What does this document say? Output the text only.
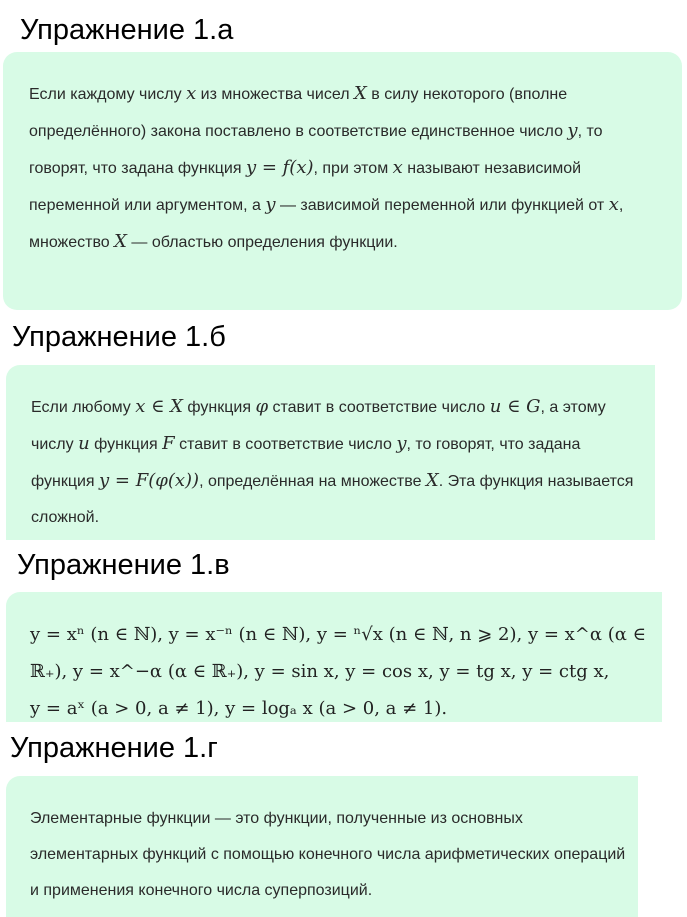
Упражнение 1.а

Если каждому числу x из множества чисел X в силу некоторого (вполне определённого) закона поставлено в соответствие единственное число y, то говорят, что задана функция y = f(x), при этом x называют независимой переменной или аргументом, а y — зависимой переменной или функцией от x, множество X — областью определения функции.

Упражнение 1.б

Если любому x ∈ X функция φ ставит в соответствие число u ∈ G, а этому числу u функция F ставит в соответствие число y, то говорят, что задана функция y = F(φ(x)), определённая на множестве X. Эта функция называется сложной.

Упражнение 1.в

y = xⁿ (n ∈ ℕ), y = x⁻ⁿ (n ∈ ℕ), y = ⁿ√x (n ∈ ℕ, n ⩾ 2), y = x^α (α ∈

ℝ₊), y = x^−α (α ∈ ℝ₊), y = sin x, y = cos x, y = tg x, y = ctg x,

y = aˣ (a > 0, a ≠ 1), y = logₐ x (a > 0, a ≠ 1).

Упражнение 1.г

Элементарные функции — это функции, полученные из основных элементарных функций с помощью конечного числа арифметических операций и применения конечного числа суперпозиций.
